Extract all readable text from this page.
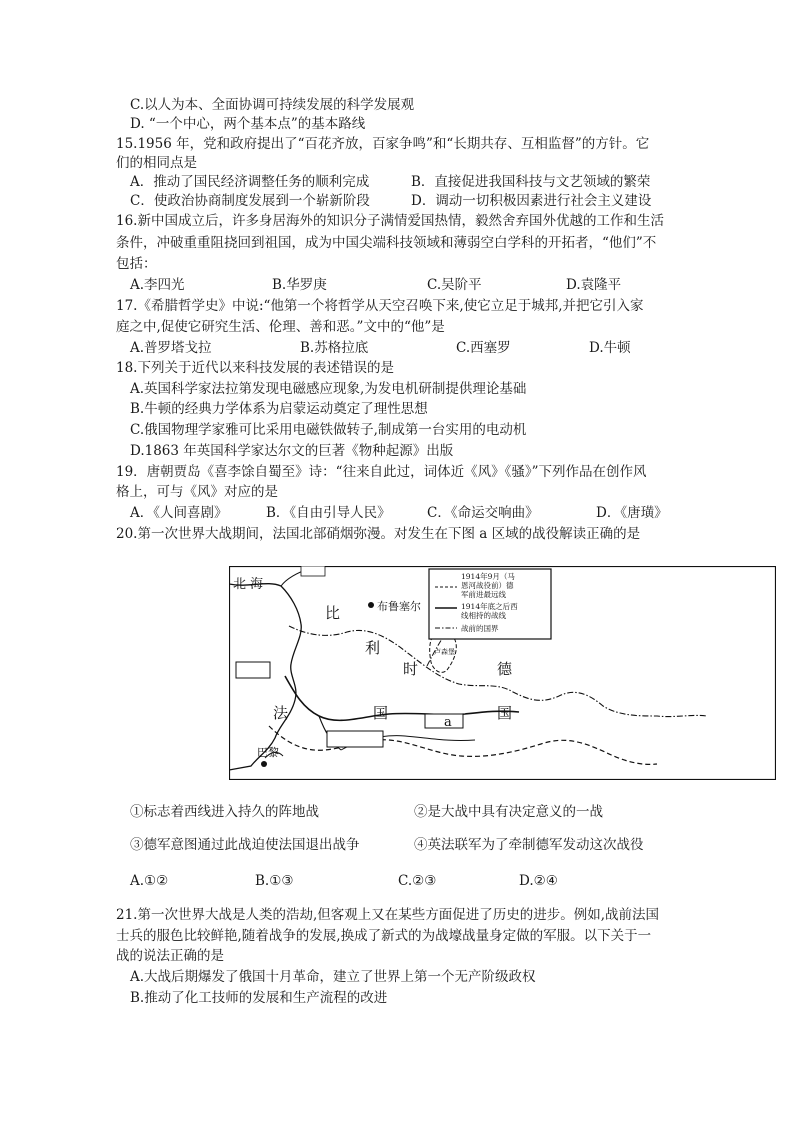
C.以人为本、全面协调可持续发展的科学发展观
D. “一个中心，两个基本点”的基本路线
15.1956 年，党和政府提出了“百花齐放，百家争鸣”和“长期共存、互相监督”的方针。它
们的相同点是
A．推动了国民经济调整任务的顺利完成	B．直接促进我国科技与文艺领域的繁荣
C．使政治协商制度发展到一个崭新阶段	D．调动一切积极因素进行社会主义建设
16.新中国成立后，许多身居海外的知识分子满情爱国热情，毅然舍弃国外优越的工作和生活
条件，冲破重重阻挠回到祖国，成为中国尖端科技领域和薄弱空白学科的开拓者，“他们”不
包括：
A.李四光	B.华罗庚	C.吴阶平	D.袁隆平
17.《希腊哲学史》中说:“他第一个将哲学从天空召唤下来,使它立足于城邦,并把它引入家
庭之中,促使它研究生活、伦理、善和恶。”文中的“他”是
A.普罗塔戈拉	B.苏格拉底	C.西塞罗	D.牛顿
18.下列关于近代以来科技发展的表述错误的是
A.英国科学家法拉第发现电磁感应现象,为发电机研制提供理论基础
B.牛顿的经典力学体系为启蒙运动奠定了理性思想
C.俄国物理学家雅可比采用电磁铁做转子,制成第一台实用的电动机
D.1863 年英国科学家达尔文的巨著《物种起源》出版
19．唐朝贾岛《喜李馀自蜀至》诗：“往来自此过，词体近《风》《骚》”下列作品在创作风
格上，可与《风》对应的是
A．《人间喜剧》	B．《自由引导人民》	C．《命运交响曲》	D．《唐璜》
20.第一次世界大战期间，法国北部硝烟弥漫。对发生在下图 a 区域的战役解读正确的是
1914年9月（马
恩河战役前）德
军前进最远线
1914年底之后西
线相持的战线
战前的国界
北 海
布鲁塞尔
比
利
时	德
国
法	国
巴黎
卢森堡
a
①标志着西线进入持久的阵地战	②是大战中具有决定意义的一战
③德军意图通过此战迫使法国退出战争	④英法联军为了牵制德军发动这次战役
A.①②	B.①③	C.②③	D.②④
21.第一次世界大战是人类的浩劫,但客观上又在某些方面促进了历史的进步。例如,战前法国
士兵的服色比较鲜艳,随着战争的发展,换成了新式的为战壕战量身定做的军服。以下关于一
战的说法正确的是
A.大战后期爆发了俄国十月革命，建立了世界上第一个无产阶级政权
B.推动了化工技师的发展和生产流程的改进
